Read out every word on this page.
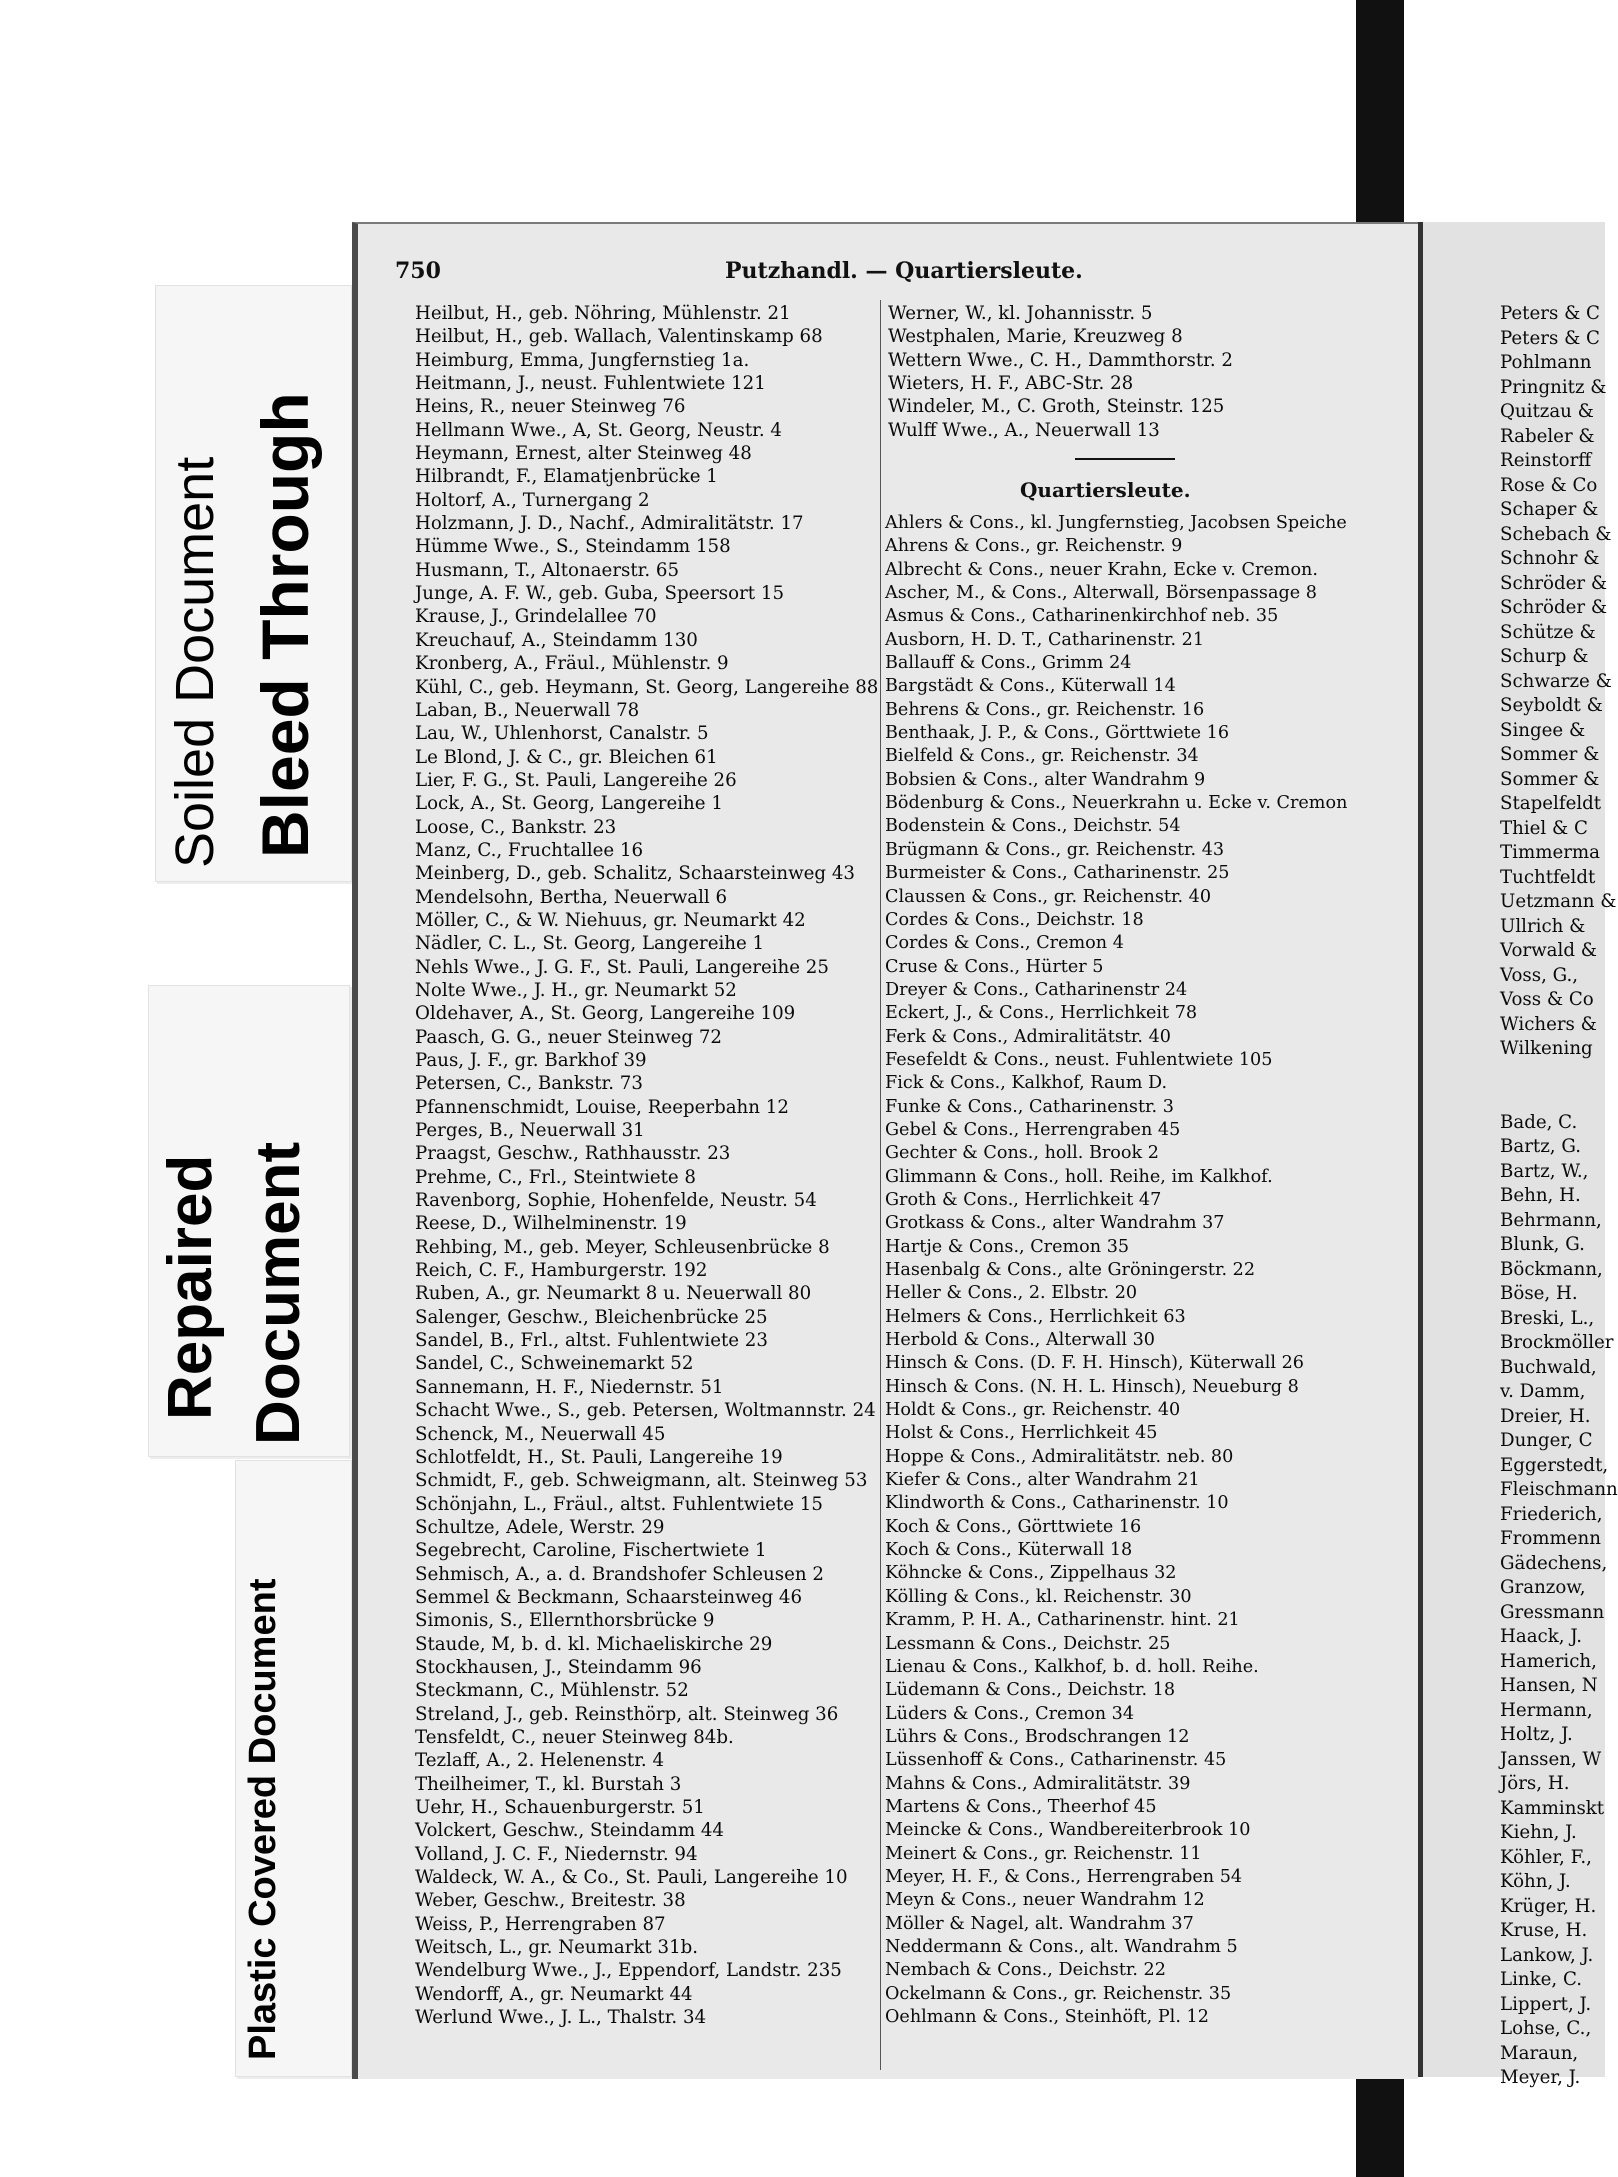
Soiled Document Bleed Through
Repaired Document
Plastic Covered Document
750	Putzhandl. — Quartiersleute.
Heilbut, H., geb. Nöhring, Mühlenstr. 21
Heilbut, H., geb. Wallach, Valentinskamp 68
Heimburg, Emma, Jungfernstieg 1a.
Heitmann, J., neust. Fuhlentwiete 121
Heins, R., neuer Steinweg 76
Hellmann Wwe., A, St. Georg, Neustr. 4
Heymann, Ernest, alter Steinweg 48
Hilbrandt, F., Elamatjenbrücke 1
Holtorf, A., Turnergang 2
Holzmann, J. D., Nachf., Admiralitätstr. 17
Hümme Wwe., S., Steindamm 158
Husmann, T., Altonaerstr. 65
Junge, A. F. W., geb. Guba, Speersort 15
Krause, J., Grindelallee 70
Kreuchauf, A., Steindamm 130
Kronberg, A., Fräul., Mühlenstr. 9
Kühl, C., geb. Heymann, St. Georg, Langereihe 88
Laban, B., Neuerwall 78
Lau, W., Uhlenhorst, Canalstr. 5
Le Blond, J. & C., gr. Bleichen 61
Lier, F. G., St. Pauli, Langereihe 26
Lock, A., St. Georg, Langereihe 1
Loose, C., Bankstr. 23
Manz, C., Fruchtallee 16
Meinberg, D., geb. Schalitz, Schaarsteinweg 43
Mendelsohn, Bertha, Neuerwall 6
Möller, C., & W. Niehuus, gr. Neumarkt 42
Nädler, C. L., St. Georg, Langereihe 1
Nehls Wwe., J. G. F., St. Pauli, Langereihe 25
Nolte Wwe., J. H., gr. Neumarkt 52
Oldehaver, A., St. Georg, Langereihe 109
Paasch, G. G., neuer Steinweg 72
Paus, J. F., gr. Barkhof 39
Petersen, C., Bankstr. 73
Pfannenschmidt, Louise, Reeperbahn 12
Perges, B., Neuerwall 31
Praagst, Geschw., Rathhausstr. 23
Prehme, C., Frl., Steintwiete 8
Ravenborg, Sophie, Hohenfelde, Neustr. 54
Reese, D., Wilhelminenstr. 19
Rehbing, M., geb. Meyer, Schleusenbrücke 8
Reich, C. F., Hamburgerstr. 192
Ruben, A., gr. Neumarkt 8 u. Neuerwall 80
Salenger, Geschw., Bleichenbrücke 25
Sandel, B., Frl., altst. Fuhlentwiete 23
Sandel, C., Schweinemarkt 52
Sannemann, H. F., Niedernstr. 51
Schacht Wwe., S., geb. Petersen, Woltmannstr. 24
Schenck, M., Neuerwall 45
Schlotfeldt, H., St. Pauli, Langereihe 19
Schmidt, F., geb. Schweigmann, alt. Steinweg 53
Schönjahn, L., Fräul., altst. Fuhlentwiete 15
Schultze, Adele, Werstr. 29
Segebrecht, Caroline, Fischertwiete 1
Sehmisch, A., a. d. Brandshofer Schleusen 2
Semmel & Beckmann, Schaarsteinweg 46
Simonis, S., Ellernthorsbrücke 9
Staude, M, b. d. kl. Michaeliskirche 29
Stockhausen, J., Steindamm 96
Steckmann, C., Mühlenstr. 52
Streland, J., geb. Reinsthörp, alt. Steinweg 36
Tensfeldt, C., neuer Steinweg 84b.
Tezlaff, A., 2. Helenenstr. 4
Theilheimer, T., kl. Burstah 3
Uehr, H., Schauenburgerstr. 51
Volckert, Geschw., Steindamm 44
Volland, J. C. F., Niedernstr. 94
Waldeck, W. A., & Co., St. Pauli, Langereihe 10
Weber, Geschw., Breitestr. 38
Weiss, P., Herrengraben 87
Weitsch, L., gr. Neumarkt 31b.
Wendelburg Wwe., J., Eppendorf, Landstr. 235
Wendorff, A., gr. Neumarkt 44
Werlund Wwe., J. L., Thalstr. 34
Werner, W., kl. Johannisstr. 5
Westphalen, Marie, Kreuzweg 8
Wettern Wwe., C. H., Dammthorstr. 2
Wieters, H. F., ABC-Str. 28
Windeler, M., C. Groth, Steinstr. 125
Wulff Wwe., A., Neuerwall 13
Quartiersleute.
Ahlers & Cons., kl. Jungfernstieg, Jacobsen Speiche
Ahrens & Cons., gr. Reichenstr. 9
Albrecht & Cons., neuer Krahn, Ecke v. Cremon.
Ascher, M., & Cons., Alterwall, Börsenpassage 8
Asmus & Cons., Catharinenkirchhof neb. 35
Ausborn, H. D. T., Catharinenstr. 21
Ballauff & Cons., Grimm 24
Bargstädt & Cons., Küterwall 14
Behrens & Cons., gr. Reichenstr. 16
Benthaak, J. P., & Cons., Görttwiete 16
Bielfeld & Cons., gr. Reichenstr. 34
Bobsien & Cons., alter Wandrahm 9
Bödenburg & Cons., Neuerkrahn u. Ecke v. Cremon
Bodenstein & Cons., Deichstr. 54
Brügmann & Cons., gr. Reichenstr. 43
Burmeister & Cons., Catharinenstr. 25
Claussen & Cons., gr. Reichenstr. 40
Cordes & Cons., Deichstr. 18
Cordes & Cons., Cremon 4
Cruse & Cons., Hürter 5
Dreyer & Cons., Catharinenstr 24
Eckert, J., & Cons., Herrlichkeit 78
Ferk & Cons., Admiralitätstr. 40
Fesefeldt & Cons., neust. Fuhlentwiete 105
Fick & Cons., Kalkhof, Raum D.
Funke & Cons., Catharinenstr. 3
Gebel & Cons., Herrengraben 45
Gechter & Cons., holl. Brook 2
Glimmann & Cons., holl. Reihe, im Kalkhof.
Groth & Cons., Herrlichkeit 47
Grotkass & Cons., alter Wandrahm 37
Hartje & Cons., Cremon 35
Hasenbalg & Cons., alte Gröningerstr. 22
Heller & Cons., 2. Elbstr. 20
Helmers & Cons., Herrlichkeit 63
Herbold & Cons., Alterwall 30
Hinsch & Cons. (D. F. H. Hinsch), Küterwall 26
Hinsch & Cons. (N. H. L. Hinsch), Neueburg 8
Holdt & Cons., gr. Reichenstr. 40
Holst & Cons., Herrlichkeit 45
Hoppe & Cons., Admiralitätstr. neb. 80
Kiefer & Cons., alter Wandrahm 21
Klindworth & Cons., Catharinenstr. 10
Koch & Cons., Görttwiete 16
Koch & Cons., Küterwall 18
Köhncke & Cons., Zippelhaus 32
Kölling & Cons., kl. Reichenstr. 30
Kramm, P. H. A., Catharinenstr. hint. 21
Lessmann & Cons., Deichstr. 25
Lienau & Cons., Kalkhof, b. d. holl. Reihe.
Lüdemann & Cons., Deichstr. 18
Lüders & Cons., Cremon 34
Lührs & Cons., Brodschrangen 12
Lüssenhoff & Cons., Catharinenstr. 45
Mahns & Cons., Admiralitätstr. 39
Martens & Cons., Theerhof 45
Meincke & Cons., Wandbereiterbrook 10
Meinert & Cons., gr. Reichenstr. 11
Meyer, H. F., & Cons., Herrengraben 54
Meyn & Cons., neuer Wandrahm 12
Möller & Nagel, alt. Wandrahm 37
Neddermann & Cons., alt. Wandrahm 5
Nembach & Cons., Deichstr. 22
Ockelmann & Cons., gr. Reichenstr. 35
Oehlmann & Cons., Steinhöft, Pl. 12
Peters & C
Peters & C
Pohlmann
Pringnitz &
Quitzau &
Rabeler &
Reinstorff
Rose & Co
Schaper &
Schebach &
Schnohr &
Schröder &
Schröder &
Schütze &
Schurp &
Schwarze &
Seyboldt &
Singee &
Sommer &
Sommer &
Stapelfeldt
Thiel & C
Timmerma
Tuchtfeldt
Uetzmann &
Ullrich &
Vorwald &
Voss, G.,
Voss & Co
Wichers &
Wilkening
Bade, C.
Bartz, G.
Bartz, W.,
Behn, H.
Behrmann,
Blunk, G.
Böckmann,
Böse, H.
Breski, L.,
Brockmöller
Buchwald,
v. Damm,
Dreier, H.
Dunger, C
Eggerstedt,
Fleischmann
Friederich,
Frommenn
Gädechens,
Granzow,
Gressmann
Haack, J.
Hamerich,
Hansen, N
Hermann,
Holtz, J.
Janssen, W
Jörs, H.
Kamminskt
Kiehn, J.
Köhler, F.,
Köhn, J.
Krüger, H.
Kruse, H.
Lankow, J.
Linke, C.
Lippert, J.
Lohse, C.,
Maraun,
Meyer, J.
